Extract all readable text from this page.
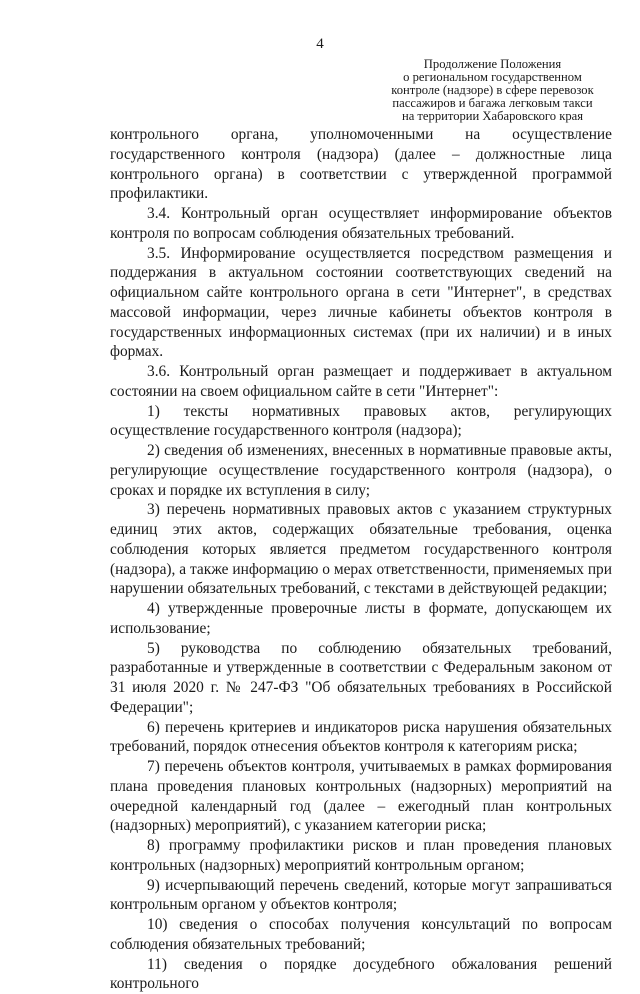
4
Продолжение Положения
о региональном государственном
контроле (надзоре) в сфере перевозок
пассажиров и багажа легковым такси
на территории Хабаровского края

контрольного органа, уполномоченными на осуществление государственного контроля (надзора) (далее – должностные лица контрольного органа) в соответствии с утвержденной программой профилактики.

3.4. Контрольный орган осуществляет информирование объектов контроля по вопросам соблюдения обязательных требований.

3.5. Информирование осуществляется посредством размещения и поддержания в актуальном состоянии соответствующих сведений на официальном сайте контрольного органа в сети "Интернет", в средствах массовой информации, через личные кабинеты объектов контроля в государственных информационных системах (при их наличии) и в иных формах.

3.6. Контрольный орган размещает и поддерживает в актуальном состоянии на своем официальном сайте в сети "Интернет":

1) тексты нормативных правовых актов, регулирующих осуществление государственного контроля (надзора);

2) сведения об изменениях, внесенных в нормативные правовые акты, регулирующие осуществление государственного контроля (надзора), о сроках и порядке их вступления в силу;

3) перечень нормативных правовых актов с указанием структурных единиц этих актов, содержащих обязательные требования, оценка соблюдения которых является предметом государственного контроля (надзора), а также информацию о мерах ответственности, применяемых при нарушении обязательных требований, с текстами в действующей редакции;

4) утвержденные проверочные листы в формате, допускающем их использование;

5) руководства по соблюдению обязательных требований, разработанные и утвержденные в соответствии с Федеральным законом от 31 июля 2020 г. № 247-ФЗ "Об обязательных требованиях в Российской Федерации";

6) перечень критериев и индикаторов риска нарушения обязательных требований, порядок отнесения объектов контроля к категориям риска;

7) перечень объектов контроля, учитываемых в рамках формирования плана проведения плановых контрольных (надзорных) мероприятий на очередной календарный год (далее – ежегодный план контрольных (надзорных) мероприятий), с указанием категории риска;

8) программу профилактики рисков и план проведения плановых контрольных (надзорных) мероприятий контрольным органом;

9) исчерпывающий перечень сведений, которые могут запрашиваться контрольным органом у объектов контроля;

10) сведения о способах получения консультаций по вопросам соблюдения обязательных требований;

11) сведения о порядке досудебного обжалования решений контрольного
